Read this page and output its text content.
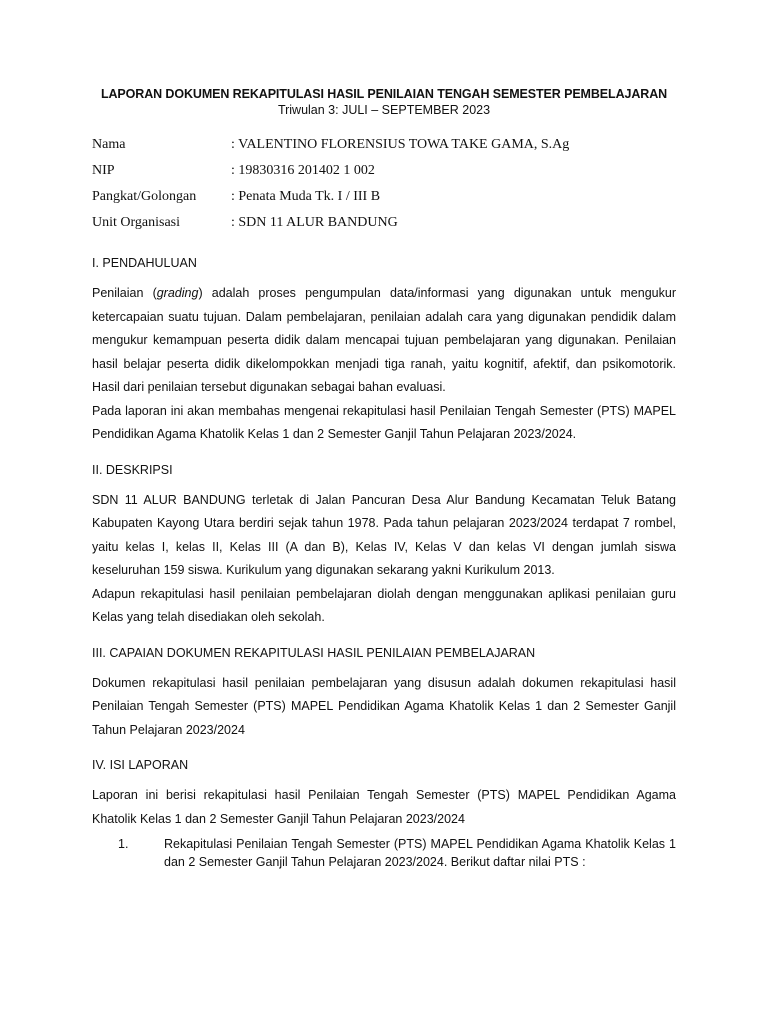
LAPORAN DOKUMEN REKAPITULASI HASIL PENILAIAN TENGAH SEMESTER PEMBELAJARAN

Triwulan 3: JULI – SEPTEMBER 2023

Nama	: VALENTINO FLORENSIUS TOWA TAKE GAMA, S.Ag
NIP	: 19830316 201402 1 002
Pangkat/Golongan	: Penata Muda Tk. I / III B
Unit Organisasi	: SDN 11 ALUR BANDUNG

I. PENDAHULUAN

Penilaian (grading) adalah proses pengumpulan data/informasi yang digunakan untuk mengukur ketercapaian suatu tujuan. Dalam pembelajaran, penilaian adalah cara yang digunakan pendidik dalam mengukur kemampuan peserta didik dalam mencapai tujuan pembelajaran yang digunakan. Penilaian hasil belajar peserta didik dikelompokkan menjadi tiga ranah, yaitu kognitif, afektif, dan psikomotorik. Hasil dari penilaian tersebut digunakan sebagai bahan evaluasi.

Pada laporan ini akan membahas mengenai rekapitulasi hasil Penilaian Tengah Semester (PTS) MAPEL Pendidikan Agama Khatolik Kelas 1 dan 2 Semester Ganjil Tahun Pelajaran 2023/2024.

II. DESKRIPSI

SDN 11 ALUR BANDUNG terletak di Jalan Pancuran Desa Alur Bandung Kecamatan Teluk Batang Kabupaten Kayong Utara berdiri sejak tahun 1978. Pada tahun pelajaran 2023/2024 terdapat 7 rombel, yaitu kelas I, kelas II, Kelas III (A dan B), Kelas IV, Kelas V dan kelas VI dengan jumlah siswa keseluruhan 159 siswa. Kurikulum yang digunakan sekarang yakni Kurikulum 2013.

Adapun rekapitulasi hasil penilaian pembelajaran diolah dengan menggunakan aplikasi penilaian guru Kelas yang telah disediakan oleh sekolah.

III. CAPAIAN DOKUMEN REKAPITULASI HASIL PENILAIAN PEMBELAJARAN

Dokumen rekapitulasi hasil penilaian pembelajaran yang disusun adalah dokumen rekapitulasi hasil Penilaian Tengah Semester (PTS) MAPEL Pendidikan Agama Khatolik Kelas 1 dan 2 Semester Ganjil Tahun Pelajaran 2023/2024

IV. ISI LAPORAN

Laporan ini berisi rekapitulasi hasil Penilaian Tengah Semester (PTS) MAPEL Pendidikan Agama Khatolik Kelas 1 dan 2 Semester Ganjil Tahun Pelajaran 2023/2024

1.	Rekapitulasi Penilaian Tengah Semester (PTS) MAPEL Pendidikan Agama Khatolik Kelas 1 dan 2 Semester Ganjil Tahun Pelajaran 2023/2024. Berikut daftar nilai PTS :
